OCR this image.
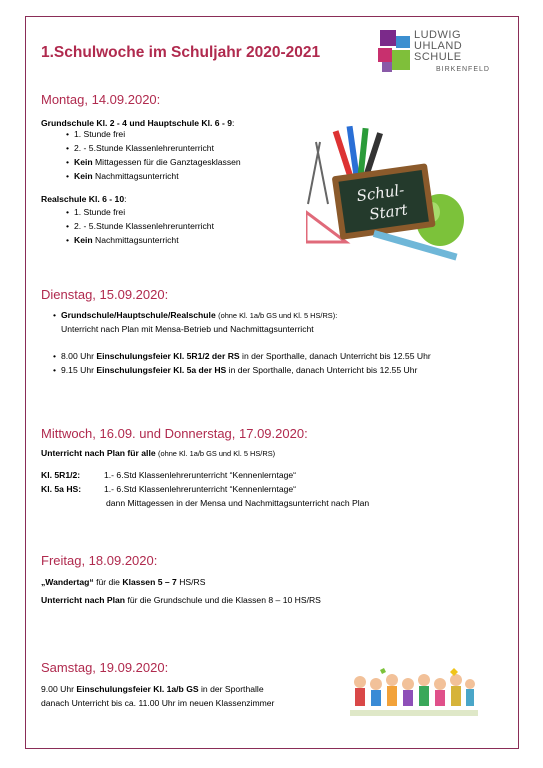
1.Schulwoche im Schuljahr 2020-2021
LUDWIG
UHLAND
SCHULE
BIRKENFELD
Montag, 14.09.2020:
Grundschule Kl. 2 - 4 und Hauptschule Kl. 6 - 9:
• 1. Stunde frei
• 2. - 5.Stunde Klassenlehrerunterricht
• Kein Mittagessen für die Ganztagesklassen
• Kein Nachmittagsunterricht
Realschule Kl. 6 - 10:
• 1. Stunde frei
• 2. - 5.Stunde Klassenlehrerunterricht
• Kein Nachmittagsunterricht
Schul-
Start
Dienstag, 15.09.2020:
• Grundschule/Hauptschule/Realschule (ohne Kl. 1a/b GS und Kl. 5 HS/RS):
Unterricht nach Plan mit Mensa-Betrieb und Nachmittagsunterricht
• 8.00 Uhr Einschulungsfeier Kl. 5R1/2 der RS in der Sporthalle, danach Unterricht bis 12.55 Uhr
• 9.15 Uhr Einschulungsfeier Kl. 5a der HS in der Sporthalle, danach Unterricht bis 12.55 Uhr
Mittwoch, 16.09. und Donnerstag, 17.09.2020:
Unterricht nach Plan für alle (ohne Kl. 1a/b GS und Kl. 5 HS/RS)
Kl. 5R1/2:	1.- 6.Std Klassenlehrerunterricht “Kennenlerntage“
Kl. 5a HS:	1.- 6.Std Klassenlehrerunterricht “Kennenlerntage“
dann Mittagessen in der Mensa und Nachmittagsunterricht nach Plan
Freitag, 18.09.2020:
„Wandertag“ für die Klassen 5 – 7 HS/RS
Unterricht nach Plan für die Grundschule und die Klassen 8 – 10 HS/RS
Samstag, 19.09.2020:
9.00 Uhr Einschulungsfeier Kl. 1a/b GS in der Sporthalle
danach Unterricht bis ca. 11.00 Uhr im neuen Klassenzimmer
